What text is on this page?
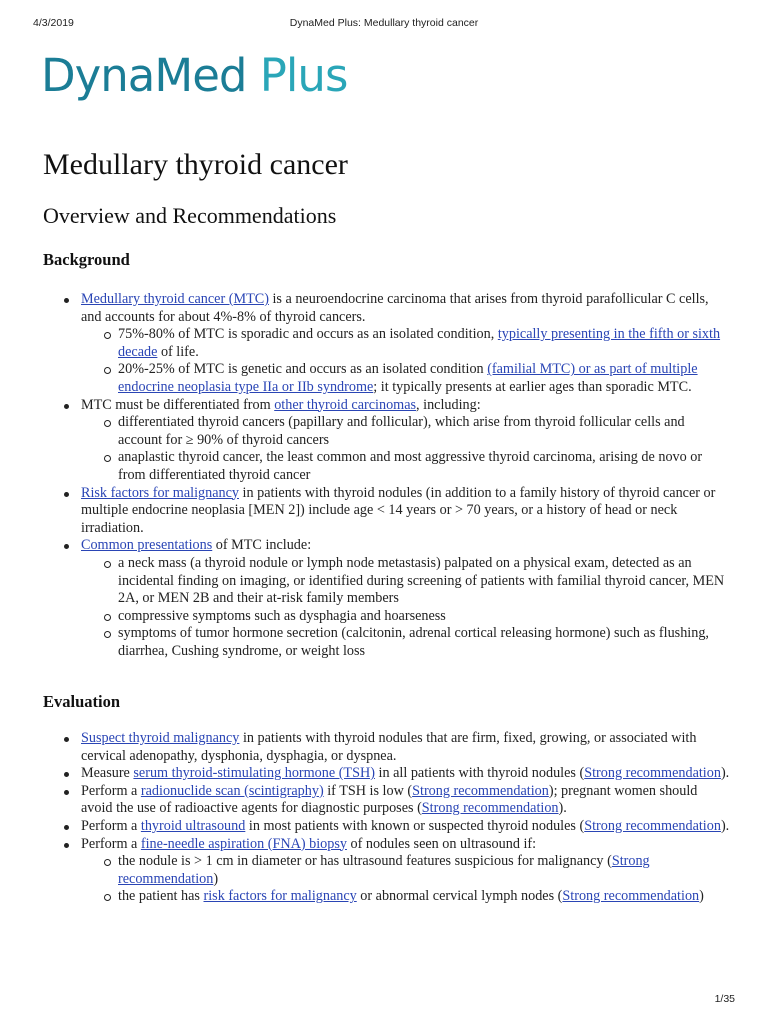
4/3/2019	DynaMed Plus: Medullary thyroid cancer
DynaMed Plus
Medullary thyroid cancer
Overview and Recommendations
Background
Medullary thyroid cancer (MTC) is a neuroendocrine carcinoma that arises from thyroid parafollicular C cells, and accounts for about 4%-8% of thyroid cancers.
75%-80% of MTC is sporadic and occurs as an isolated condition, typically presenting in the fifth or sixth decade of life.
20%-25% of MTC is genetic and occurs as an isolated condition (familial MTC) or as part of multiple endocrine neoplasia type IIa or IIb syndrome; it typically presents at earlier ages than sporadic MTC.
MTC must be differentiated from other thyroid carcinomas, including:
differentiated thyroid cancers (papillary and follicular), which arise from thyroid follicular cells and account for ≥ 90% of thyroid cancers
anaplastic thyroid cancer, the least common and most aggressive thyroid carcinoma, arising de novo or from differentiated thyroid cancer
Risk factors for malignancy in patients with thyroid nodules (in addition to a family history of thyroid cancer or multiple endocrine neoplasia [MEN 2]) include age < 14 years or > 70 years, or a history of head or neck irradiation.
Common presentations of MTC include:
a neck mass (a thyroid nodule or lymph node metastasis) palpated on a physical exam, detected as an incidental finding on imaging, or identified during screening of patients with familial thyroid cancer, MEN 2A, or MEN 2B and their at-risk family members
compressive symptoms such as dysphagia and hoarseness
symptoms of tumor hormone secretion (calcitonin, adrenal cortical releasing hormone) such as flushing, diarrhea, Cushing syndrome, or weight loss
Evaluation
Suspect thyroid malignancy in patients with thyroid nodules that are firm, fixed, growing, or associated with cervical adenopathy, dysphonia, dysphagia, or dyspnea.
Measure serum thyroid-stimulating hormone (TSH) in all patients with thyroid nodules (Strong recommendation).
Perform a radionuclide scan (scintigraphy) if TSH is low (Strong recommendation); pregnant women should avoid the use of radioactive agents for diagnostic purposes (Strong recommendation).
Perform a thyroid ultrasound in most patients with known or suspected thyroid nodules (Strong recommendation).
Perform a fine-needle aspiration (FNA) biopsy of nodules seen on ultrasound if:
the nodule is > 1 cm in diameter or has ultrasound features suspicious for malignancy (Strong recommendation)
the patient has risk factors for malignancy or abnormal cervical lymph nodes (Strong recommendation)
1/35
